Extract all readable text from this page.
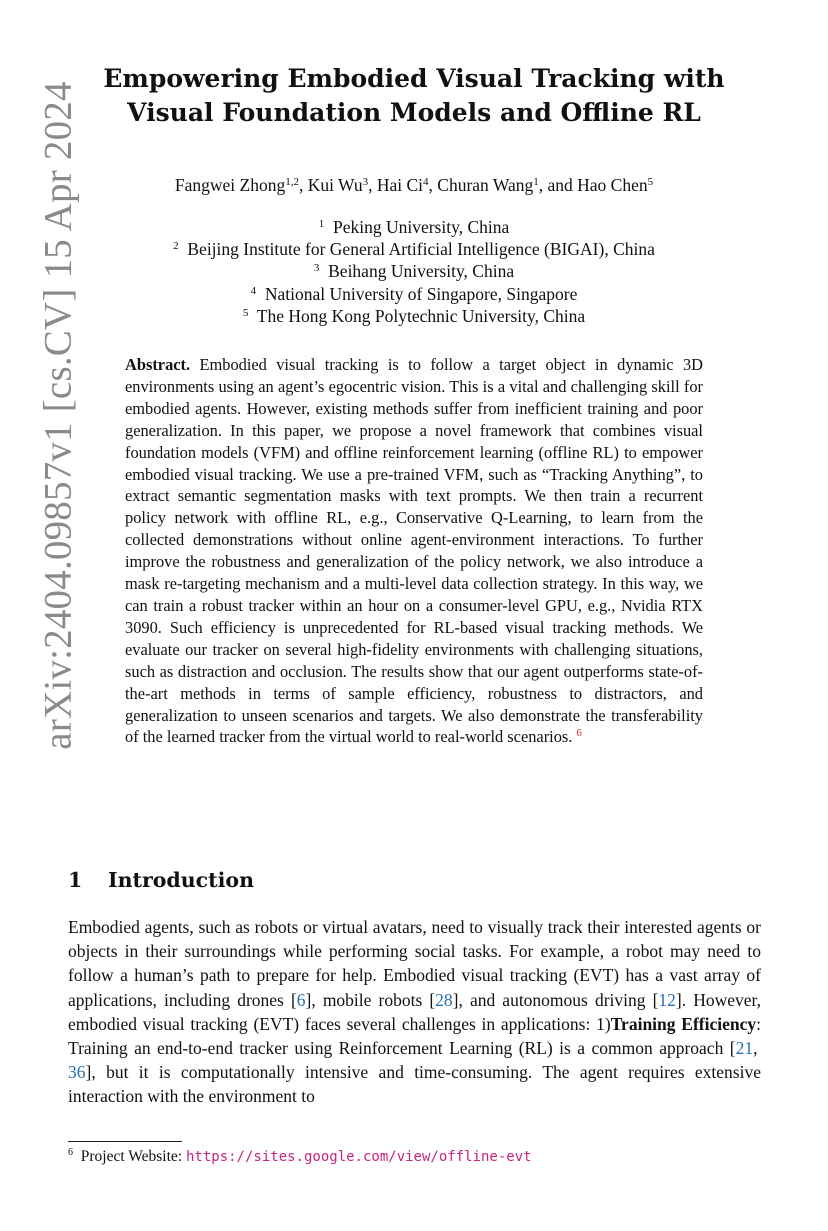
arXiv:2404.09857v1 [cs.CV] 15 Apr 2024
Empowering Embodied Visual Tracking with
Visual Foundation Models and Offline RL
Fangwei Zhong$^{1,2}$, Kui Wu$^3$, Hai Ci$^4$, Churan Wang$^1$, and Hao Chen$^5$
$^1$ Peking University, China
$^2$ Beijing Institute for General Artificial Intelligence (BIGAI), China
$^3$ Beihang University, China
$^4$ National University of Singapore, Singapore
$^5$ The Hong Kong Polytechnic University, China
Abstract. Embodied visual tracking is to follow a target object in dynamic 3D environments using an agent’s egocentric vision. This is a vital and challenging skill for embodied agents. However, existing methods suffer from inefficient training and poor generalization. In this paper, we propose a novel framework that combines visual foundation models (VFM) and offline reinforcement learning (offline RL) to empower embodied visual tracking. We use a pre-trained VFM, such as “Tracking Anything”, to extract semantic segmentation masks with text prompts. We then train a recurrent policy network with offline RL, e.g., Conservative Q-Learning, to learn from the collected demonstrations without online agent-environment interactions. To further improve the robustness and generalization of the policy network, we also introduce a mask re-targeting mechanism and a multi-level data collection strategy. In this way, we can train a robust tracker within an hour on a consumer-level GPU, e.g., Nvidia RTX 3090. Such efficiency is unprecedented for RL-based visual tracking methods. We evaluate our tracker on several high-fidelity environments with challenging situations, such as distraction and occlusion. The results show that our agent outperforms state-of-the-art methods in terms of sample efficiency, robustness to distractors, and generalization to unseen scenarios and targets. We also demonstrate the transferability of the learned tracker from the virtual world to real-world scenarios. $^6$
1 Introduction
Embodied agents, such as robots or virtual avatars, need to visually track their interested agents or objects in their surroundings while performing social tasks. For example, a robot may need to follow a human’s path to prepare for help. Embodied visual tracking (EVT) has a vast array of applications, including drones [6], mobile robots [28], and autonomous driving [12]. However, embodied visual tracking (EVT) faces several challenges in applications: 1)Training Efficiency: Training an end-to-end tracker using Reinforcement Learning (RL) is a common approach [21, 36], but it is computationally intensive and time-consuming. The agent requires extensive interaction with the environment to
$^6$ Project Website: https://sites.google.com/view/offline-evt
